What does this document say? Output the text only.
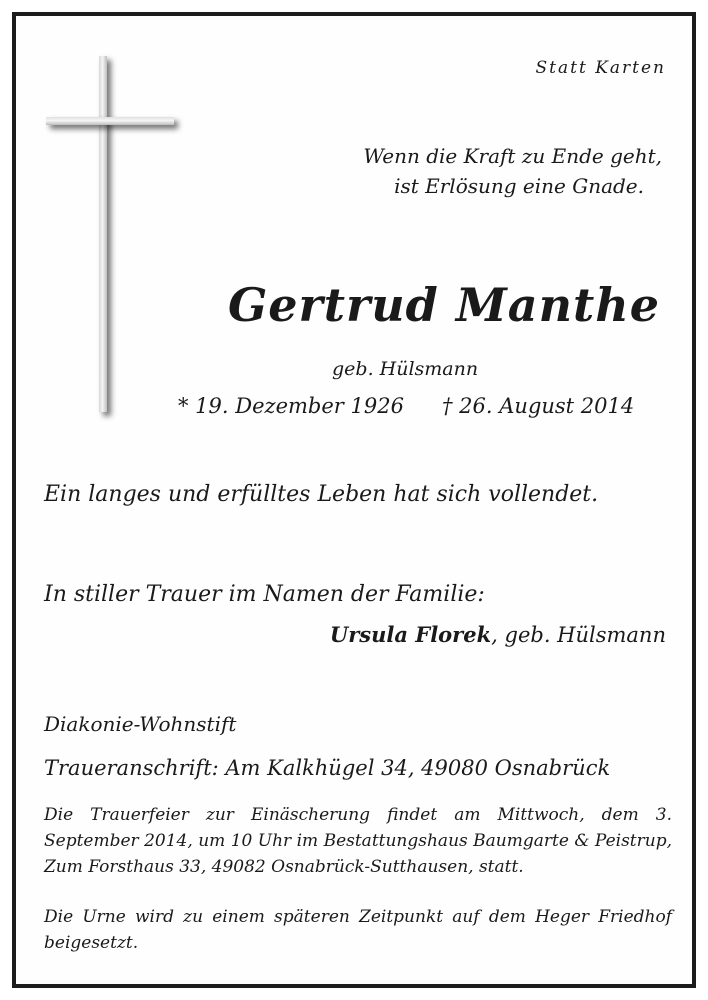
Statt Karten

Wenn die Kraft zu Ende geht,

ist Erlösung eine Gnade.

Gertrud Manthe

geb. Hülsmann

* 19. Dezember 1926 † 26. August 2014

Ein langes und erfülltes Leben hat sich vollendet.

In stiller Trauer im Namen der Familie:

Ursula Florek, geb. Hülsmann

Diakonie-Wohnstift

Traueranschrift: Am Kalkhügel 34, 49080 Osnabrück

Die Trauerfeier zur Einäscherung findet am Mittwoch, dem 3. September 2014, um 10 Uhr im Bestattungshaus Baumgarte & Peistrup, Zum Forsthaus 33, 49082 Osnabrück-Sutthausen, statt.

Die Urne wird zu einem späteren Zeitpunkt auf dem Heger Friedhof beigesetzt.
